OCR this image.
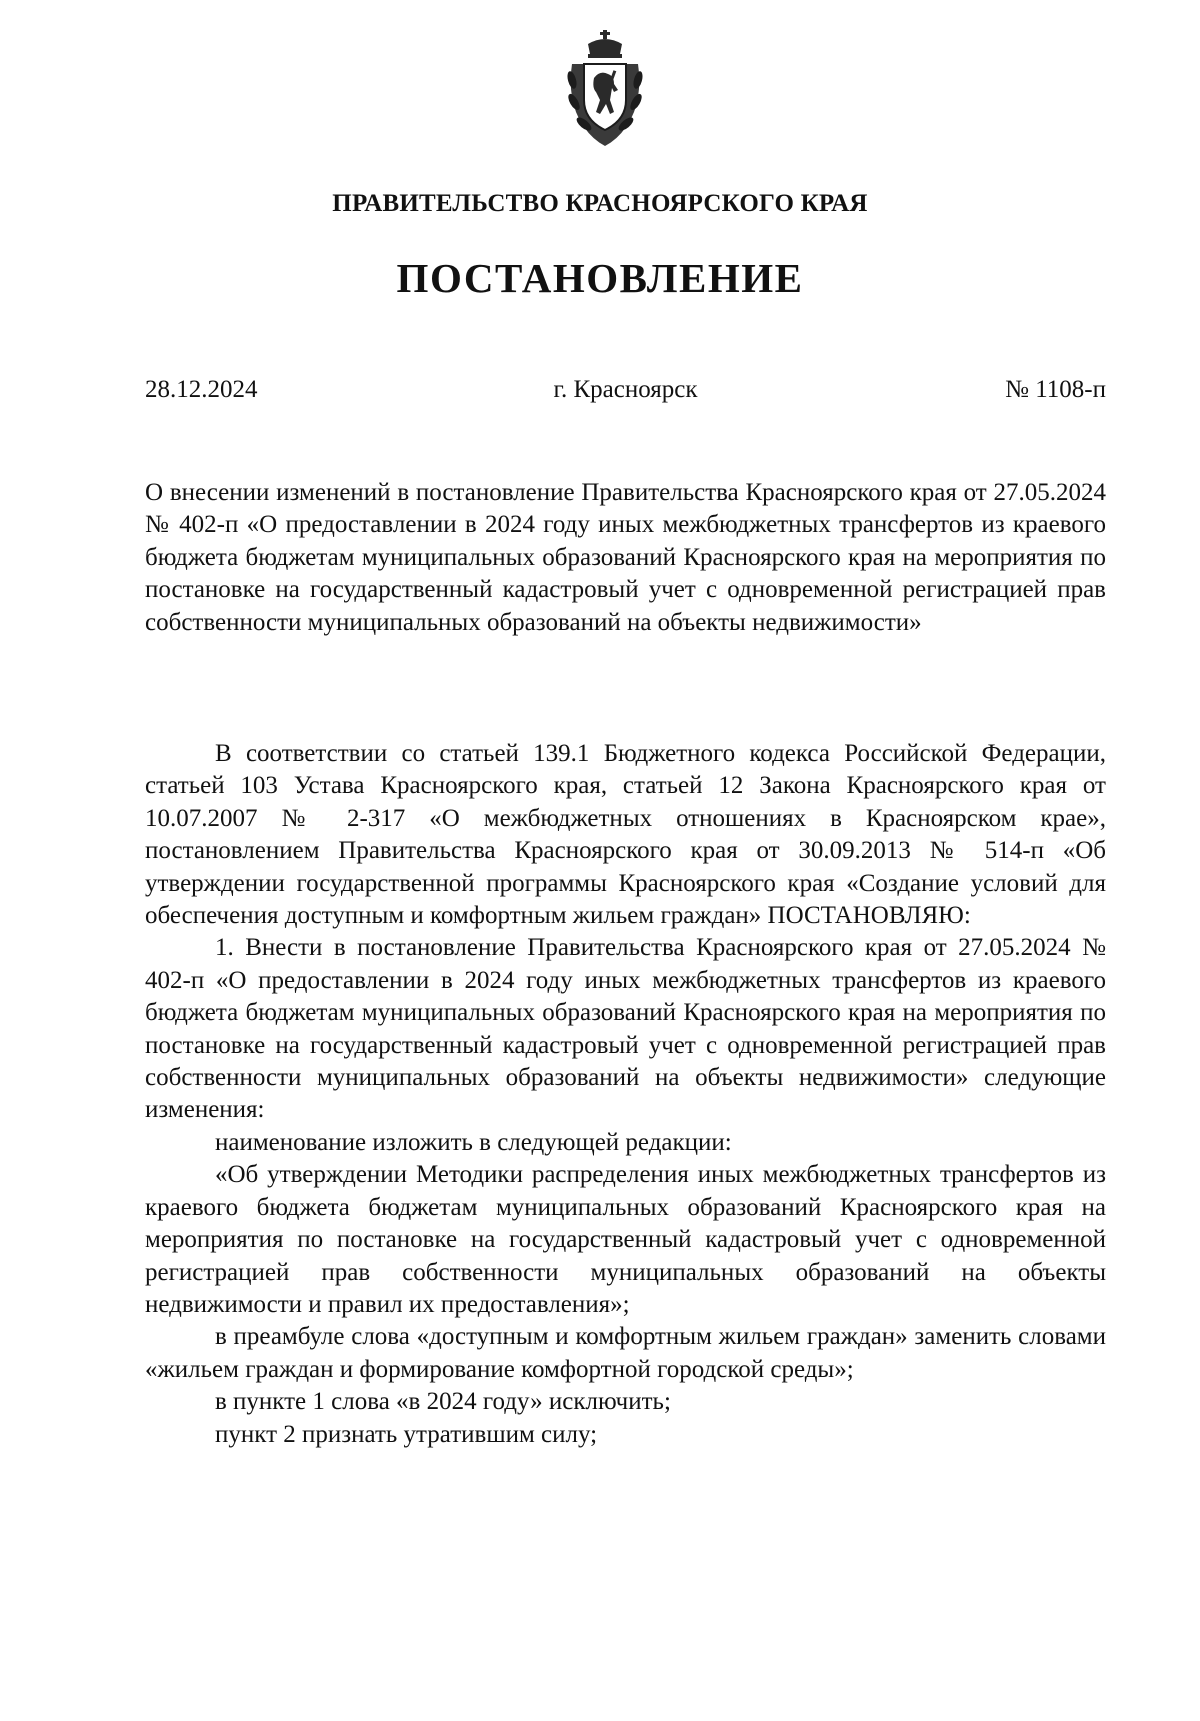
ПРАВИТЕЛЬСТВО КРАСНОЯРСКОГО КРАЯ
ПОСТАНОВЛЕНИЕ
28.12.2024	г. Красноярск	№ 1108-п
О внесении изменений в постановление Правительства Красноярского края от 27.05.2024 № 402-п «О предоставлении в 2024 году иных межбюджетных трансфертов из краевого бюджета бюджетам муниципальных образований Красноярского края на мероприятия по постановке на государственный кадастровый учет с одновременной регистрацией прав собственности муниципальных образований на объекты недвижимости»

В соответствии со статьей 139.1 Бюджетного кодекса Российской Федерации, статьей 103 Устава Красноярского края, статьей 12 Закона Красноярского края от 10.07.2007 № 2-317 «О межбюджетных отношениях в Красноярском крае», постановлением Правительства Красноярского края от 30.09.2013 № 514-п «Об утверждении государственной программы Красноярского края «Создание условий для обеспечения доступным и комфортным жильем граждан» ПОСТАНОВЛЯЮ:

1. Внести в постановление Правительства Красноярского края от 27.05.2024 № 402-п «О предоставлении в 2024 году иных межбюджетных трансфертов из краевого бюджета бюджетам муниципальных образований Красноярского края на мероприятия по постановке на государственный кадастровый учет с одновременной регистрацией прав собственности муниципальных образований на объекты недвижимости» следующие изменения:

наименование изложить в следующей редакции:

«Об утверждении Методики распределения иных межбюджетных трансфертов из краевого бюджета бюджетам муниципальных образований Красноярского края на мероприятия по постановке на государственный кадастровый учет с одновременной регистрацией прав собственности муниципальных образований на объекты недвижимости и правил их предоставления»;

в преамбуле слова «доступным и комфортным жильем граждан» заменить словами «жильем граждан и формирование комфортной городской среды»;

в пункте 1 слова «в 2024 году» исключить;

пункт 2 признать утратившим силу;
